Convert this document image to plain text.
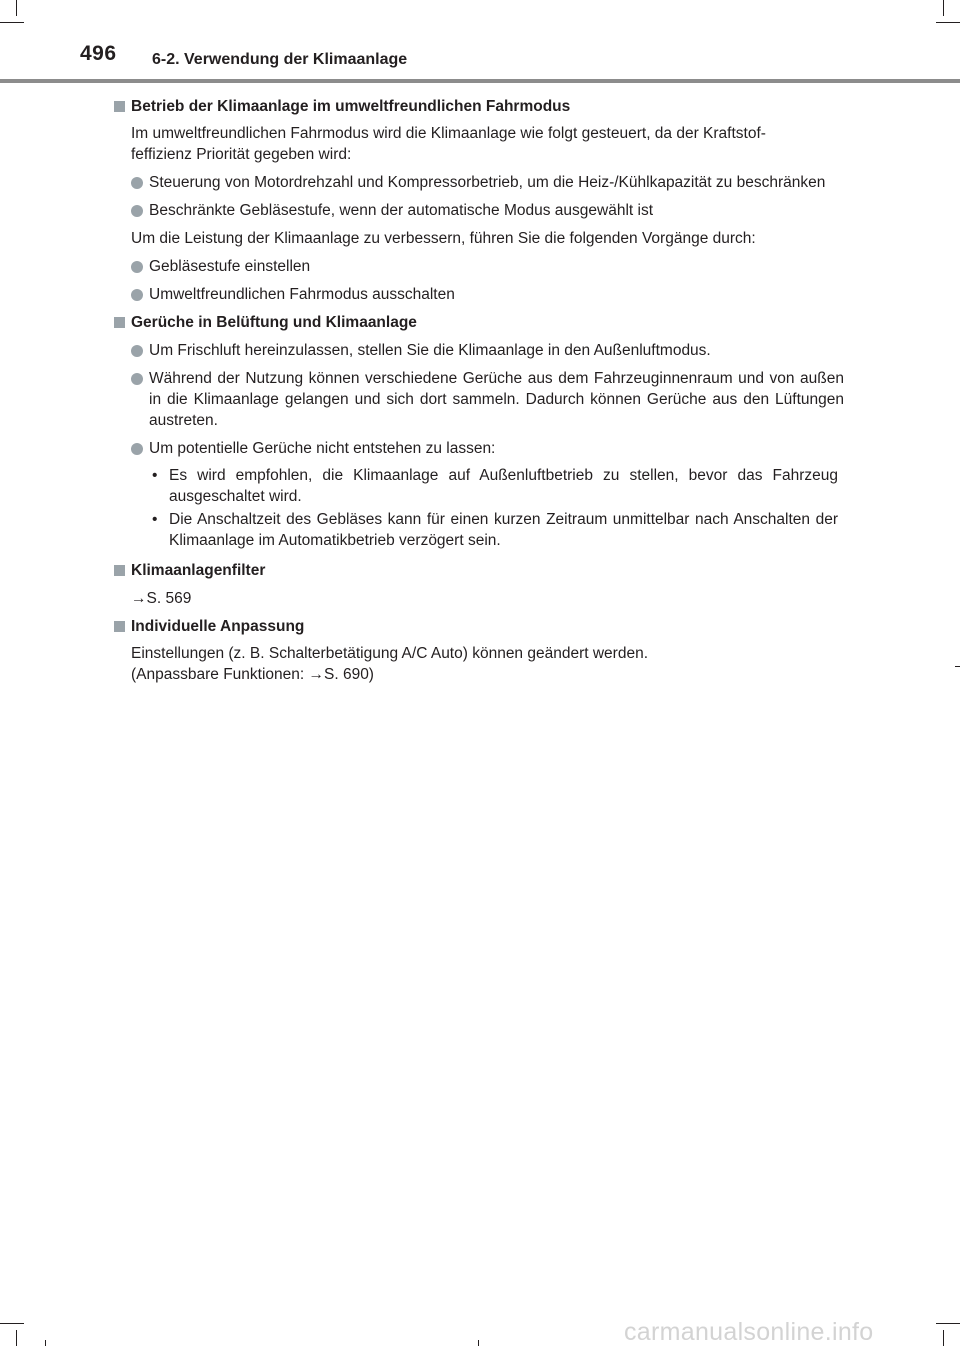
496 6-2. Verwendung der Klimaanlage
Betrieb der Klimaanlage im umweltfreundlichen Fahrmodus
Im umweltfreundlichen Fahrmodus wird die Klimaanlage wie folgt gesteuert, da der Kraftstof-
feffizienz Priorität gegeben wird:
Steuerung von Motordrehzahl und Kompressorbetrieb, um die Heiz-/Kühlkapazität zu beschränken
Beschränkte Gebläsestufe, wenn der automatische Modus ausgewählt ist
Um die Leistung der Klimaanlage zu verbessern, führen Sie die folgenden Vorgänge durch:
Gebläsestufe einstellen
Umweltfreundlichen Fahrmodus ausschalten
Gerüche in Belüftung und Klimaanlage
Um Frischluft hereinzulassen, stellen Sie die Klimaanlage in den Außenluftmodus.
Während der Nutzung können verschiedene Gerüche aus dem Fahrzeuginnenraum und von außen in die Klimaanlage gelangen und sich dort sammeln. Dadurch können Gerüche aus den Lüftungen austreten.
Um potentielle Gerüche nicht entstehen zu lassen:
• Es wird empfohlen, die Klimaanlage auf Außenluftbetrieb zu stellen, bevor das Fahrzeug ausgeschaltet wird.
• Die Anschaltzeit des Gebläses kann für einen kurzen Zeitraum unmittelbar nach Anschalten der Klimaanlage im Automatikbetrieb verzögert sein.
Klimaanlagenfilter
→S. 569
Individuelle Anpassung
Einstellungen (z. B. Schalterbetätigung A/C Auto) können geändert werden.
(Anpassbare Funktionen: →S. 690)
carmanualsonline.info
